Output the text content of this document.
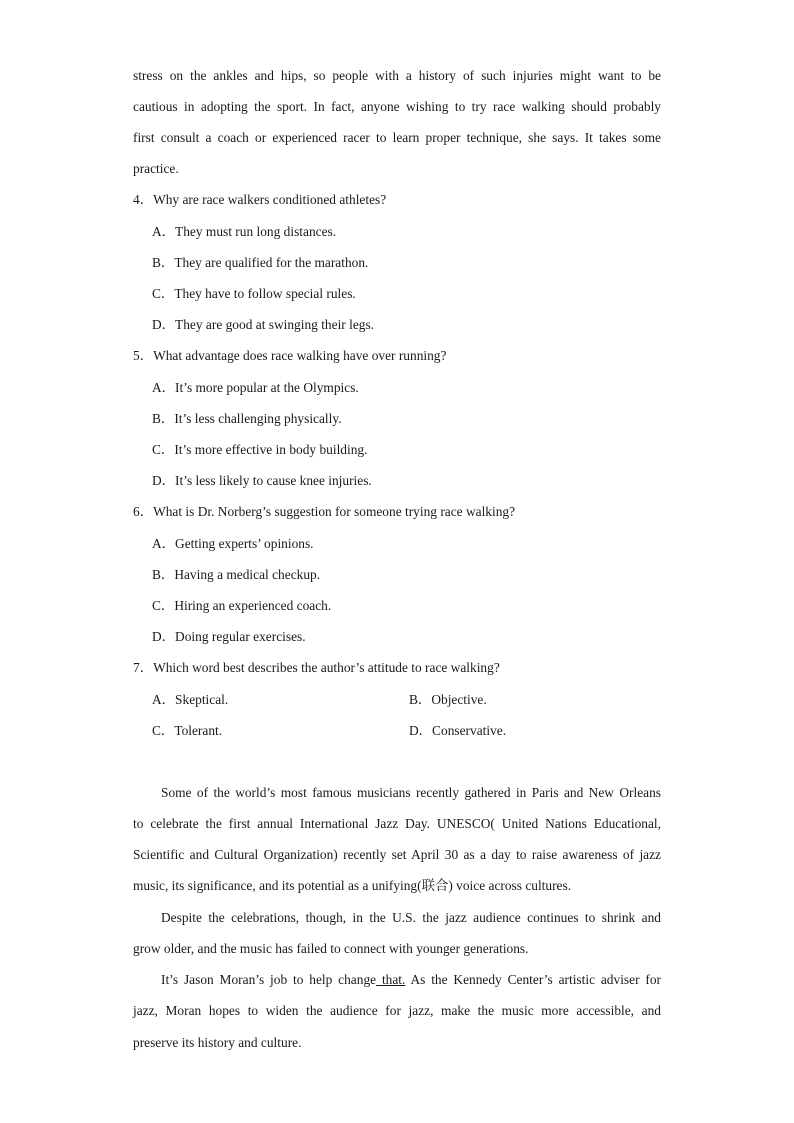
stress on the ankles and hips, so people with a history of such injuries might want to be
cautious in adopting the sport. In fact, anyone wishing to try race walking should probably
first consult a coach or experienced racer to learn proper technique, she says. It takes some
practice.
4．Why are race walkers conditioned athletes?
A．They must run long distances.
B．They are qualified for the marathon.
C．They have to follow special rules.
D．They are good at swinging their legs.
5．What advantage does race walking have over running?
A．It’s more popular at the Olympics.
B．It’s less challenging physically.
C．It’s more effective in body building.
D．It’s less likely to cause knee injuries.
6．What is Dr. Norberg’s suggestion for someone trying race walking?
A．Getting experts’ opinions.
B．Having a medical checkup.
C．Hiring an experienced coach.
D．Doing regular exercises.
7．Which word best describes the author’s attitude to race walking?
A．Skeptical.	B．Objective.
C．Tolerant.	D．Conservative.
Some of the world’s most famous musicians recently gathered in Paris and New Orleans
to celebrate the first annual International Jazz Day. UNESCO( United Nations Educational,
Scientific and Cultural Organization) recently set April 30 as a day to raise awareness of jazz
music, its significance, and its potential as a unifying(联合) voice across cultures.
Despite the celebrations, though, in the U.S. the jazz audience continues to shrink and
grow older, and the music has failed to connect with younger generations.
It’s Jason Moran’s job to help change that. As the Kennedy Center’s artistic adviser for
jazz, Moran hopes to widen the audience for jazz, make the music more accessible, and
preserve its history and culture.
